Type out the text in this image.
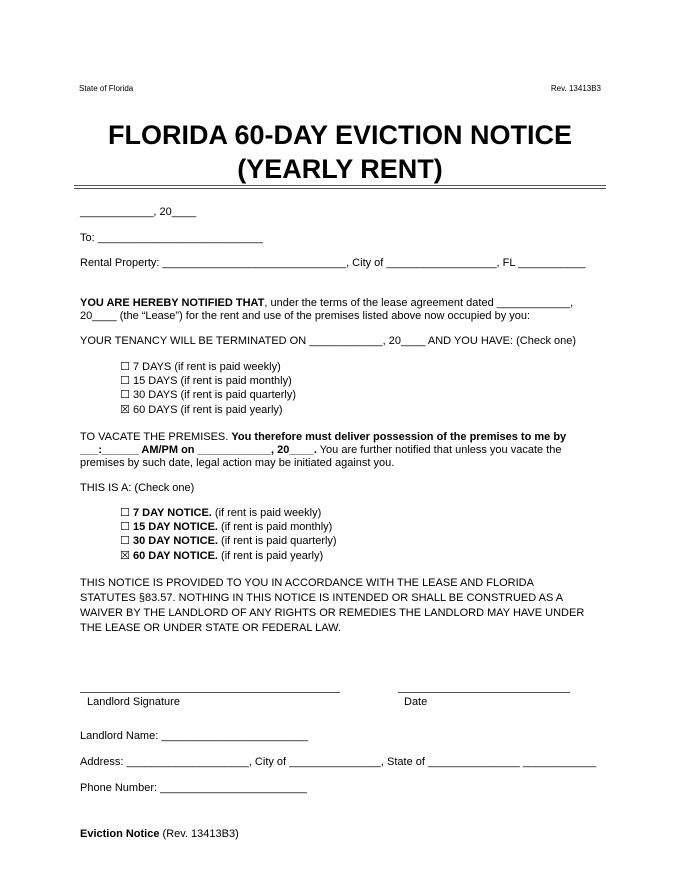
State of Florida	Rev. 13413B3
FLORIDA 60-DAY EVICTION NOTICE
(YEARLY RENT)
____________, 20____
To: ___________________________
Rental Property: ______________________________, City of __________________, FL ___________
YOU ARE HEREBY NOTIFIED THAT, under the terms of the lease agreement dated ____________,
20____ (the “Lease”) for the rent and use of the premises listed above now occupied by you:
YOUR TENANCY WILL BE TERMINATED ON ____________, 20____ AND YOU HAVE: (Check one)
☐ 7 DAYS (if rent is paid weekly)
☐ 15 DAYS (if rent is paid monthly)
☐ 30 DAYS (if rent is paid quarterly)
☒ 60 DAYS (if rent is paid yearly)
TO VACATE THE PREMISES. You therefore must deliver possession of the premises to me by
___:______ AM/PM on ____________, 20____. You are further notified that unless you vacate the
premises by such date, legal action may be initiated against you.
THIS IS A: (Check one)
☐ 7 DAY NOTICE. (if rent is paid weekly)
☐ 15 DAY NOTICE. (if rent is paid monthly)
☐ 30 DAY NOTICE. (if rent is paid quarterly)
☒ 60 DAY NOTICE. (if rent is paid yearly)
THIS NOTICE IS PROVIDED TO YOU IN ACCORDANCE WITH THE LEASE AND FLORIDA
STATUTES §83.57. NOTHING IN THIS NOTICE IS INTENDED OR SHALL BE CONSTRUED AS A
WAIVER BY THE LANDLORD OF ANY RIGHTS OR REMEDIES THE LANDLORD MAY HAVE UNDER
THE LEASE OR UNDER STATE OR FEDERAL LAW.
Landlord Signature	Date
Landlord Name: ________________________
Address: ____________________, City of _______________, State of _______________ ____________
Phone Number: ________________________
Eviction Notice (Rev. 13413B3)
